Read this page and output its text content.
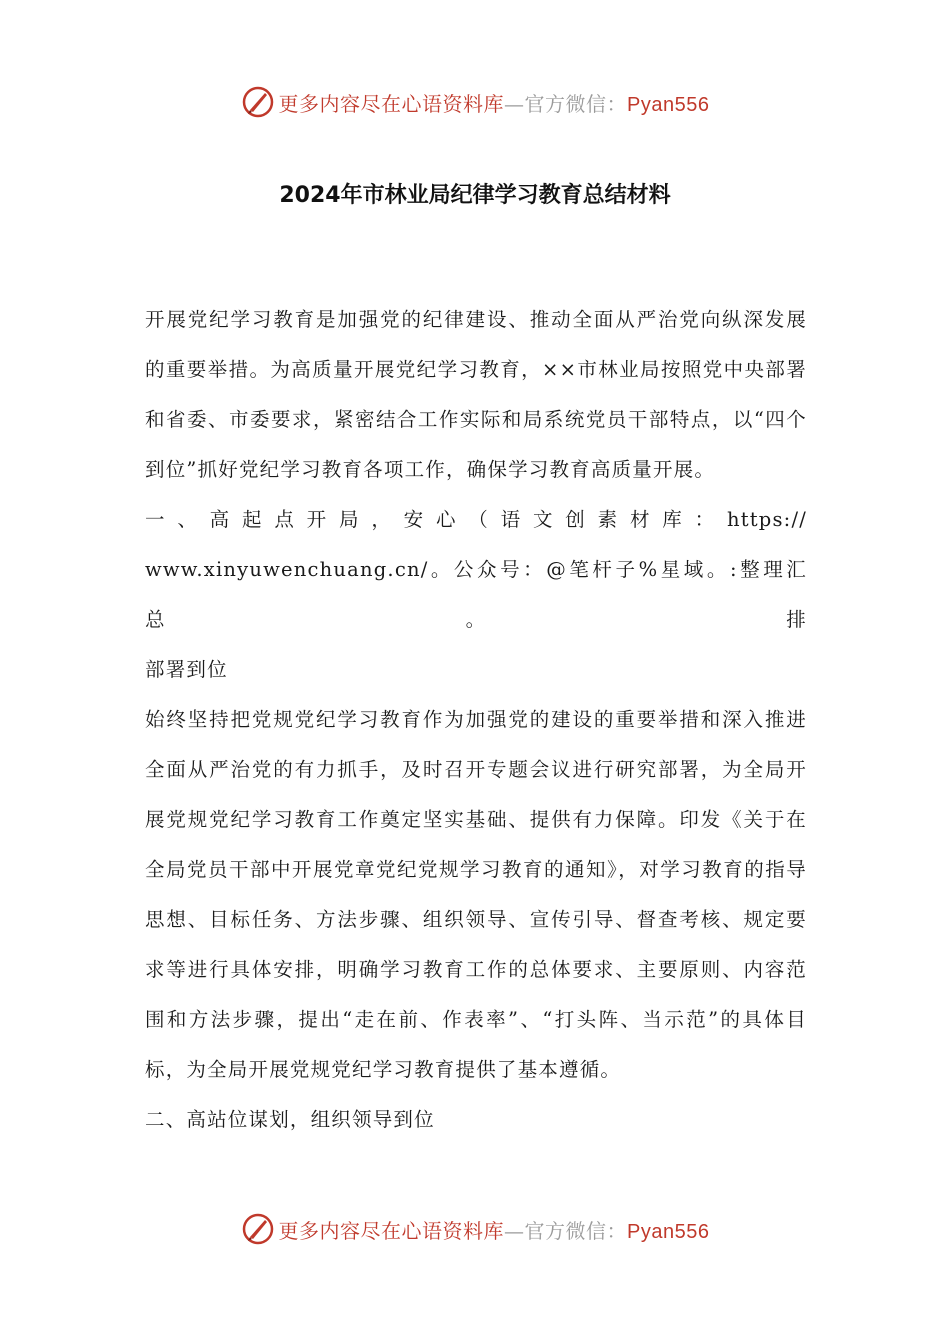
更多内容尽在心语资料库—官方微信：Pyan556
2024年市林业局纪律学习教育总结材料

开展党纪学习教育是加强党的纪律建设、推动全面从严治党向纵深发展的重要举措。为高质量开展党纪学习教育，××市林业局按照党中央部署和省委、市委要求，紧密结合工作实际和局系统党员干部特点，以“四个到位”抓好党纪学习教育各项工作，确保学习教育高质量开展。

一、高起点开局，安心（语文创素材库：https://

www.xinyuwenchuang.cn/。公众号：@笔杆子%星域。:整理汇总。排

部署到位

始终坚持把党规党纪学习教育作为加强党的建设的重要举措和深入推进全面从严治党的有力抓手，及时召开专题会议进行研究部署，为全局开展党规党纪学习教育工作奠定坚实基础、提供有力保障。印发《关于在全局党员干部中开展党章党纪党规学习教育的通知》，对学习教育的指导思想、目标任务、方法步骤、组织领导、宣传引导、督查考核、规定要求等进行具体安排，明确学习教育工作的总体要求、主要原则、内容范围和方法步骤，提出“走在前、作表率”、“打头阵、当示范”的具体目标，为全局开展党规党纪学习教育提供了基本遵循。

二、高站位谋划，组织领导到位

更多内容尽在心语资料库—官方微信：Pyan556
